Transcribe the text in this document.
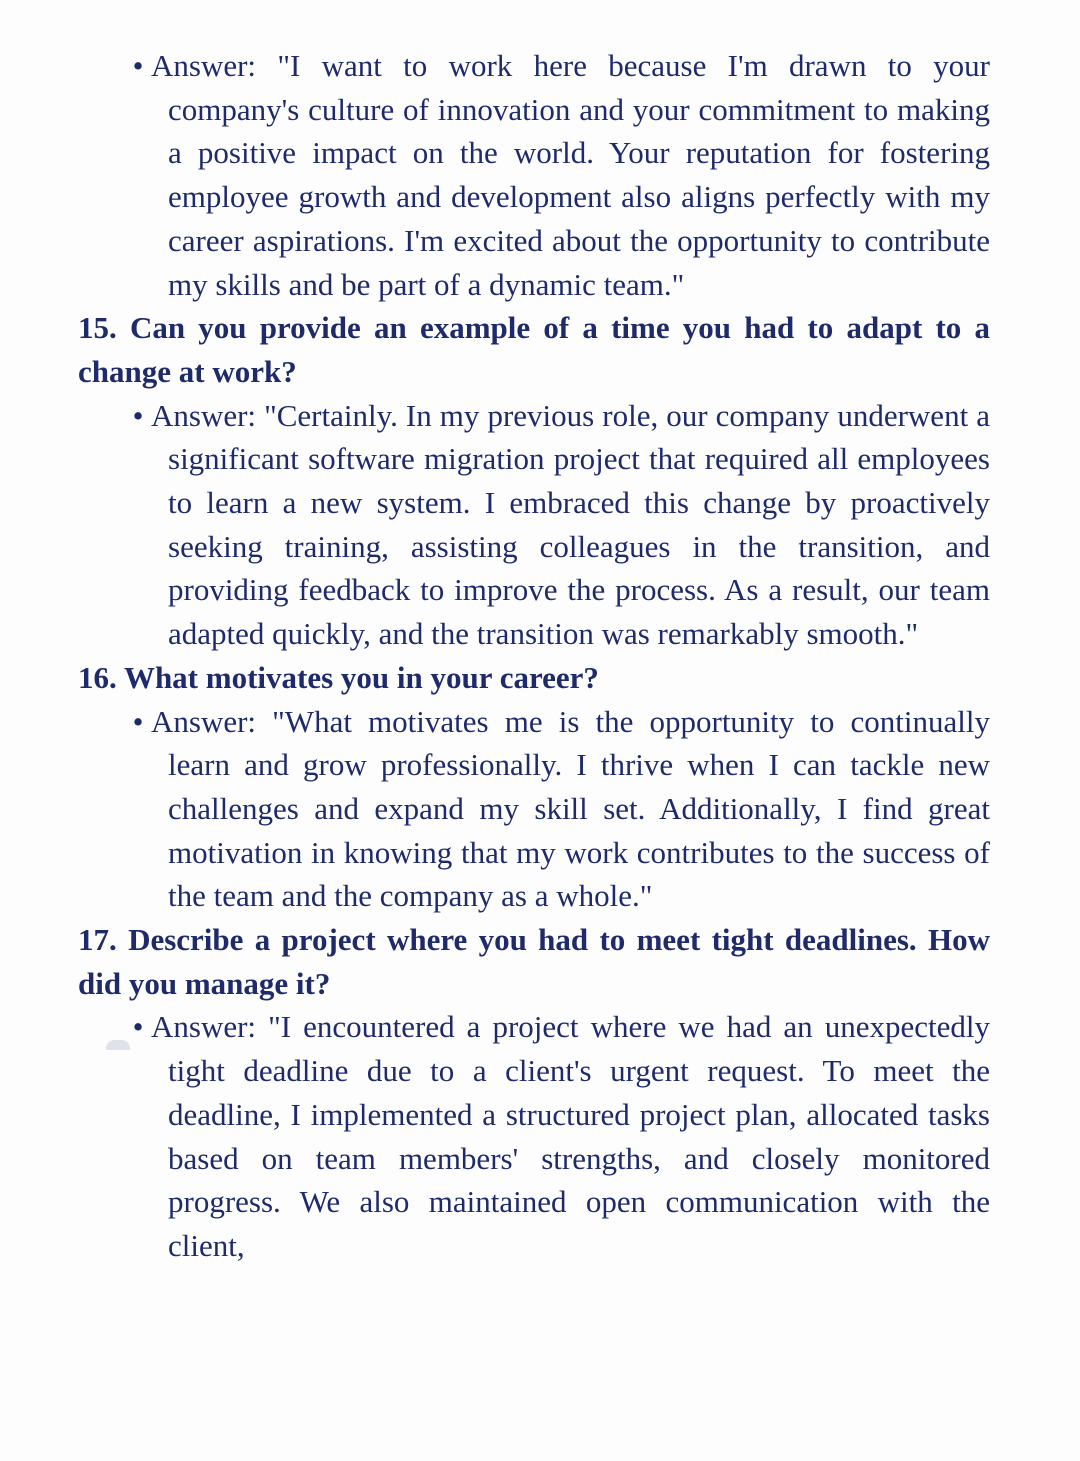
• Answer: "I want to work here because I'm drawn to your company's culture of innovation and your commitment to making a positive impact on the world. Your reputation for fostering employee growth and development also aligns perfectly with my career aspirations. I'm excited about the opportunity to contribute my skills and be part of a dynamic team."

15. Can you provide an example of a time you had to adapt to a change at work?

• Answer: "Certainly. In my previous role, our company underwent a significant software migration project that required all employees to learn a new system. I embraced this change by proactively seeking training, assisting colleagues in the transition, and providing feedback to improve the process. As a result, our team adapted quickly, and the transition was remarkably smooth."

16. What motivates you in your career?

• Answer: "What motivates me is the opportunity to continually learn and grow professionally. I thrive when I can tackle new challenges and expand my skill set. Additionally, I find great motivation in knowing that my work contributes to the success of the team and the company as a whole."

17. Describe a project where you had to meet tight deadlines. How did you manage it?

• Answer: "I encountered a project where we had an unexpectedly tight deadline due to a client's urgent request. To meet the deadline, I implemented a structured project plan, allocated tasks based on team members' strengths, and closely monitored progress. We also maintained open communication with the client,
